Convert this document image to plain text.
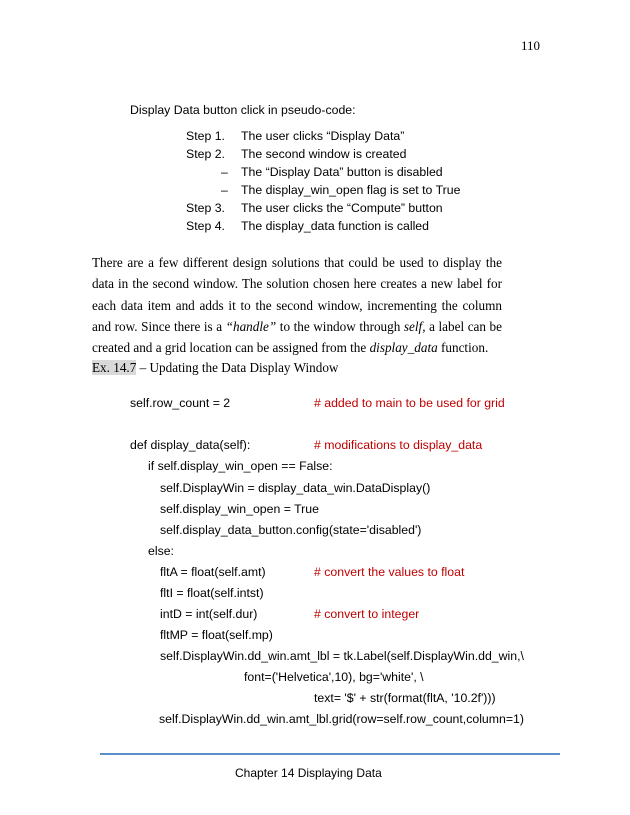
110
Display Data button click in pseudo-code:
Step 1. The user clicks “Display Data”
Step 2. The second window is created
– The “Display Data” button is disabled
– The display_win_open flag is set to True
Step 3. The user clicks the “Compute” button
Step 4. The display_data function is called
There are a few different design solutions that could be used to display the data in the second window. The solution chosen here creates a new label for each data item and adds it to the second window, incrementing the column and row. Since there is a “handle” to the window through self, a label can be created and a grid location can be assigned from the display_data function.
Ex. 14.7 – Updating the Data Display Window
self.row_count = 2	# added to main to be used for grid
def display_data(self):	# modifications to display_data
if self.display_win_open == False:
self.DisplayWin = display_data_win.DataDisplay()
self.display_win_open = True
self.display_data_button.config(state='disabled')
else:
fltA = float(self.amt)	# convert the values to float
fltI = float(self.intst)
intD = int(self.dur)	# convert to integer
fltMP = float(self.mp)
self.DisplayWin.dd_win.amt_lbl = tk.Label(self.DisplayWin.dd_win,\
font=('Helvetica',10), bg='white', \
text= '$' + str(format(fltA, '10.2f')))
self.DisplayWin.dd_win.amt_lbl.grid(row=self.row_count,column=1)
Chapter 14 Displaying Data
